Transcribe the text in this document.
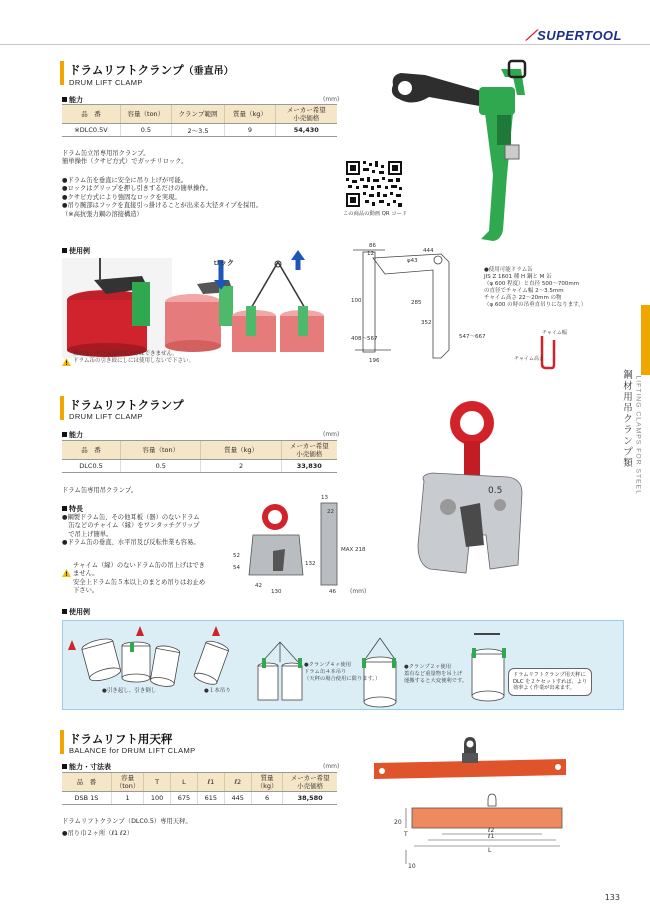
⟋SUPERTOOL
鋼材用吊クランプ類 LIFTING CLAMPS FOR STEEL
ドラムリフトクランプ（垂直吊）
DRUM LIFT CLAMP
能力	(mm)
品　番	容量（ton）	クランプ範囲	質量（kg）	メーカー希望
小売価格
※DLC0.5V	0.5	2～3.5	9	54,430
ドラム缶立吊専用吊クランプ。
簡単操作（クサビ方式）でガッチリロック。
●ドラム缶を垂直に安全に吊り上げが可能。
●ロックはグリップを押し引きするだけの簡単操作。
●クサビ方式により強固なロックを実現。
●吊り腕部はフックを直接引っ掛けることが出来る大径タイプを採用。
（※高抗張力鋼の溶接構造）	この商品の動画 QR コード
使用例
ロック
蓋のないドラム缶の吊上げはできません。
ドラム缶の引き絞にしには使用しないで下さい。
86
12	444
φ43
100	285
408～567
352
547～667
196
●使用可能ドラム缶
JIS Z 1601 種 H 鋼と M 缶
（φ 600 程度）と直径 500～700mm
の直径でチャイム幅 2～3.5mm
チャイム高さ 22～20mm の物
（φ 600 の時の吊垂直吊りになります。）
チャイム幅
チャイム高さ
ドラムリフトクランプ
DRUM LIFT CLAMP
能力	(mm)
品　番	容量（ton）	質量（kg）	メーカー希望
小売価格
DLC0.5	0.5	2	33,830
ドラム缶専用吊クランプ。
特長
●鋼製ドラム缶、その他耳板（器）のないドラム
　缶などのチャイム（縁）をワンタッチグリップ
　で吊上げ簡単。
●ドラム缶の垂直、水平吊及び反転作業も容易。
チャイム（縁）のないドラム缶の吊上げはでき
ません。
安全上ドラム缶５本以上のまとめ吊りはお止め
下さい。
13
22
52
MAX 218
132
54
42
130	46 (mm)
0.5
使用例
●引き起し、引き倒し	●１本吊り
●クランプ４ヶ使用
ドラム缶４本吊り
（天秤の場合使用に限ります。）
●クランプ２ヶ使用
蓋有など重量物を吊上げ
運搬すると大変便利です。
ドラムリフトクランプ用天秤に
DLC を２ケセットすれば、より
効率よく作業が出来ます。
ドラムリフト用天秤
BALANCE for DRUM LIFT CLAMP
能力・寸法表	(mm)
品　番	容量
（ton）	T	L	ℓ1	ℓ2	質量
（kg）	メーカー希望
小売価格
DSB 1S	1	100	675	615	445	6	38,580
ドラムリフトクランプ（DLC0.5）専用天秤。
●吊り巾２ヶ所（ℓ1 ℓ2）
20
T
ℓ2
ℓ1
L
10
133
